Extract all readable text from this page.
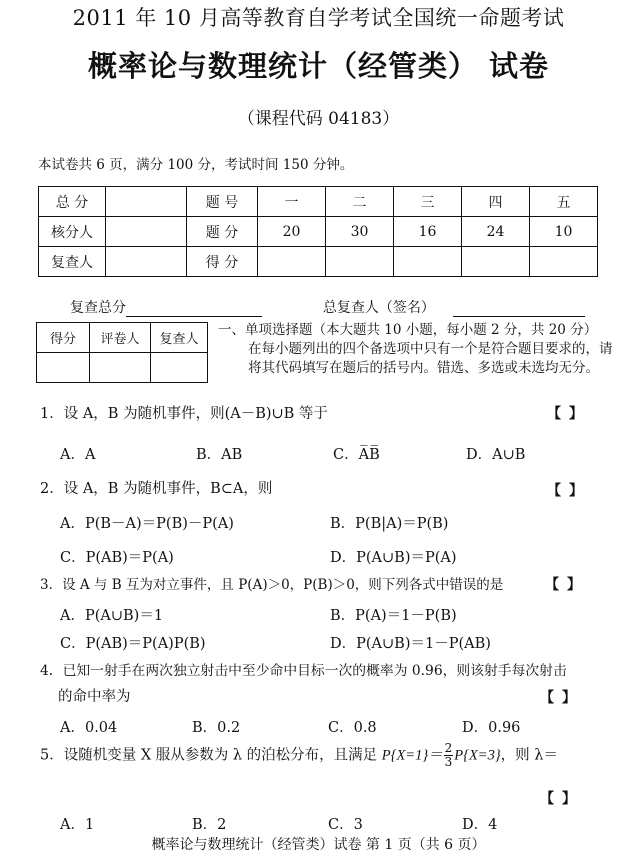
2011 年 10 月高等教育自学考试全国统一命题考试
概率论与数理统计（经管类） 试卷
（课程代码 04183）
本试卷共 6 页，满分 100 分，考试时间 150 分钟。
总 分		题 号	一	二	三	四	五
核分人		题 分	20	30	16	24	10
复查人		得 分					
复查总分	总复查人（签名）
得分	评卷人	复查人

一、单项选择题（本大题共 10 小题，每小题 2 分，共 20 分）
在每小题列出的四个备选项中只有一个是符合题目要求的，请将其代码填写在题后的括号内。错选、多选或未选均无分。
1．设 A，B 为随机事件，则(A－B)∪B 等于	【】
A．A	B．AB	C．A̅B̅	D．A∪B
2．设 A，B 为随机事件，B⊂A，则	【】
A．P(B－A)＝P(B)－P(A)	B．P(B|A)＝P(B)
C．P(AB)＝P(A)	D．P(A∪B)＝P(A)
3．设 A 与 B 互为对立事件，且 P(A)＞0，P(B)＞0，则下列各式中错误的是	【】
A．P(A∪B)＝1	B．P(A)＝1－P(B)
C．P(AB)＝P(A)P(B)	D．P(A∪B)＝1－P(AB)
4．已知一射手在两次独立射击中至少命中目标一次的概率为 0.96，则该射手每次射击
的命中率为	【】
A．0.04	B．0.2	C．0.8	D．0.96
5．设随机变量 X 服从参数为 λ 的泊松分布，且满足 $P\{X=1\}= \frac{2}{3} P\{X=3\}$，则 λ＝
【】
A．1	B．2	C．3	D．4
概率论与数理统计（经管类）试卷 第 1 页（共 6 页）
